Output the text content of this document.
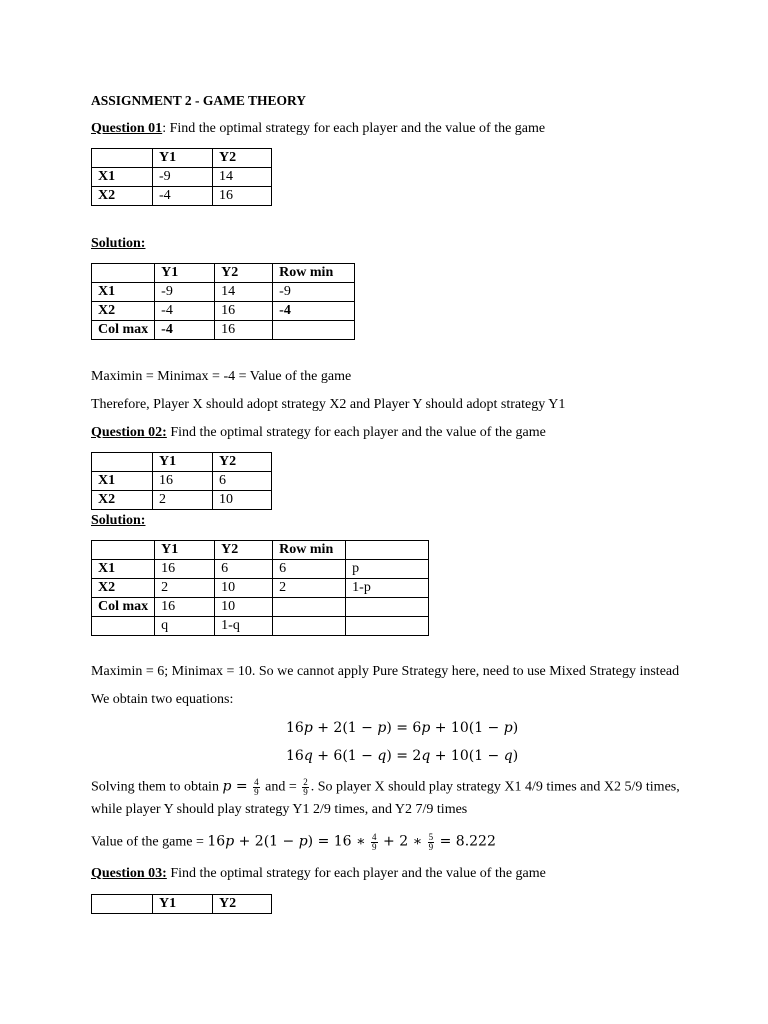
ASSIGNMENT 2 - GAME THEORY
Question 01: Find the optimal strategy for each player and the value of the game
	Y1	Y2
X1	-9	14
X2	-4	16
Solution:
	Y1	Y2	Row min
X1	-9	14	-9
X2	-4	16	-4
Col max	-4	16	
Maximin = Minimax = -4 = Value of the game
Therefore, Player X should adopt strategy X2 and Player Y should adopt strategy Y1
Question 02: Find the optimal strategy for each player and the value of the game
	Y1	Y2
X1	16	6
X2	2	10
Solution:
	Y1	Y2	Row min	
X1	16	6	6	p
X2	2	10	2	1-p
Col max	16	10		
	q	1-q		
Maximin = 6; Minimax = 10. So we cannot apply Pure Strategy here, need to use Mixed Strategy instead
We obtain two equations:
16p + 2(1 − p) = 6p + 10(1 − p)
16q + 6(1 − q) = 2q + 10(1 − q)
Solving them to obtain $p = \frac{4}{9}$ and = $\frac{2}{9}$ . So player X should play strategy X1 4/9 times and X2 5/9 times,
while player Y should play strategy Y1 2/9 times, and Y2 7/9 times
Value of the game = 16p + 2(1 − p) = 16 ∗ $\frac{4}{9} + 2$ ∗ $\frac{5}{9} = 8.222$
Question 03: Find the optimal strategy for each player and the value of the game
	Y1	Y2
